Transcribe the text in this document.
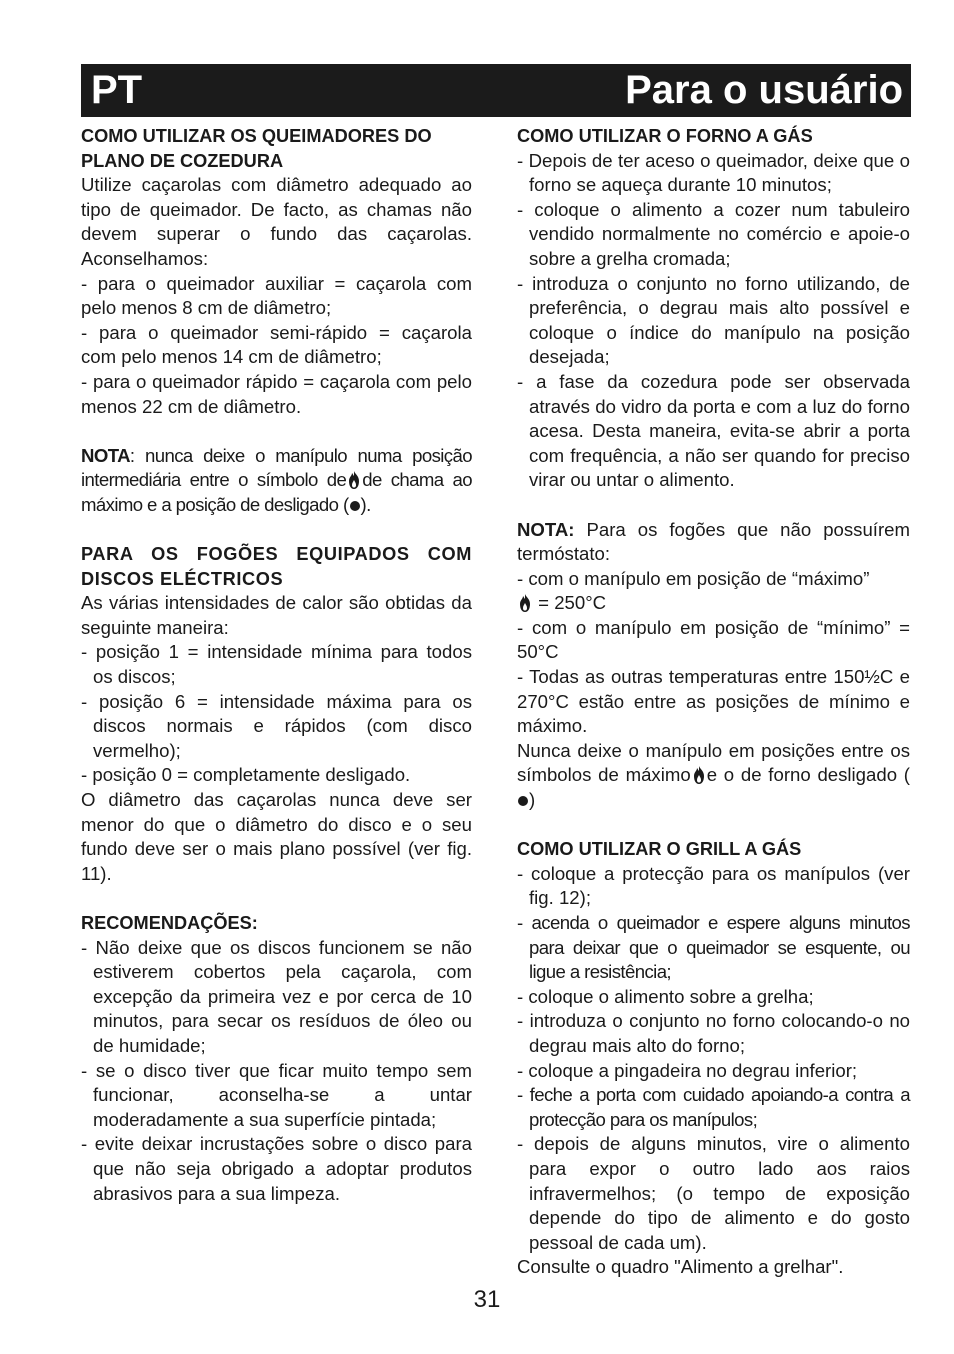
PT	Para o usuário

COMO UTILIZAR OS QUEIMADORES DO PLANO DE COZEDURA

Utilize caçarolas com diâmetro adequado ao tipo de queimador. De facto, as chamas não devem superar o fundo das caçarolas. Aconselhamos:

- para o queimador auxiliar = caçarola com pelo menos 8 cm de diâmetro;

- para o queimador semi-rápido = caçarola com pelo menos 14 cm de diâmetro;

- para o queimador rápido = caçarola com pelo menos 22 cm de diâmetro.

NOTA: nunca deixe o manípulo numa posição intermediária entre o símbolo de de chama ao máximo e a posição de desligado ( ).

PARA OS FOGÕES EQUIPADOS COM DISCOS ELÉCTRICOS

As várias intensidades de calor são obtidas da seguinte maneira:

- posição 1 = intensidade mínima para todos os discos;

- posição 6 = intensidade máxima para os discos normais e rápidos (com disco vermelho);

- posição 0 = completamente desligado.

O diâmetro das caçarolas nunca deve ser menor do que o diâmetro do disco e o seu fundo deve ser o mais plano possível (ver fig. 11).

RECOMENDAÇÕES:

- Não deixe que os discos funcionem se não estiverem cobertos pela caçarola, com excepção da primeira vez e por cerca de 10 minutos, para secar os resíduos de óleo ou de humidade;

- se o disco tiver que ficar muito tempo sem funcionar, aconselha-se a untar moderadamente a sua superfície pintada;

- evite deixar incrustações sobre o disco para que não seja obrigado a adoptar produtos abrasivos para a sua limpeza.

COMO UTILIZAR O FORNO A GÁS

- Depois de ter aceso o queimador, deixe que o forno se aqueça durante 10 minutos;

- coloque o alimento a cozer num tabuleiro vendido normalmente no comércio e apoie-o sobre a grelha cromada;

- introduza o conjunto no forno utilizando, de preferência, o degrau mais alto possível e coloque o índice do manípulo na posição desejada;

- a fase da cozedura pode ser observada através do vidro da porta e com a luz do forno acesa. Desta maneira, evita-se abrir a porta com frequência, a não ser quando for preciso virar ou untar o alimento.

NOTA: Para os fogões que não possuírem termóstato:

- com o manípulo em posição de “máximo”
= 250°C

- com o manípulo em posição de “mínimo” = 50°C

- Todas as outras temperaturas entre 150½C e 270°C estão entre as posições de mínimo e máximo.

Nunca deixe o manípulo em posições entre os símbolos de máximo e o de forno desligado ()

COMO UTILIZAR O GRILL A GÁS

- coloque a protecção para os manípulos (ver fig. 12);

- acenda o queimador e espere alguns minutos para deixar que o queimador se esquente, ou ligue a resistência;

- coloque o alimento sobre a grelha;

- introduza o conjunto no forno colocando-o no degrau mais alto do forno;

- coloque a pingadeira no degrau inferior;

- feche a porta com cuidado apoiando-a contra a protecção para os manípulos;

- depois de alguns minutos, vire o alimento para expor o outro lado aos raios infravermelhos; (o tempo de exposição depende do tipo de alimento e do gosto pessoal de cada um).

Consulte o quadro "Alimento a grelhar".

31
